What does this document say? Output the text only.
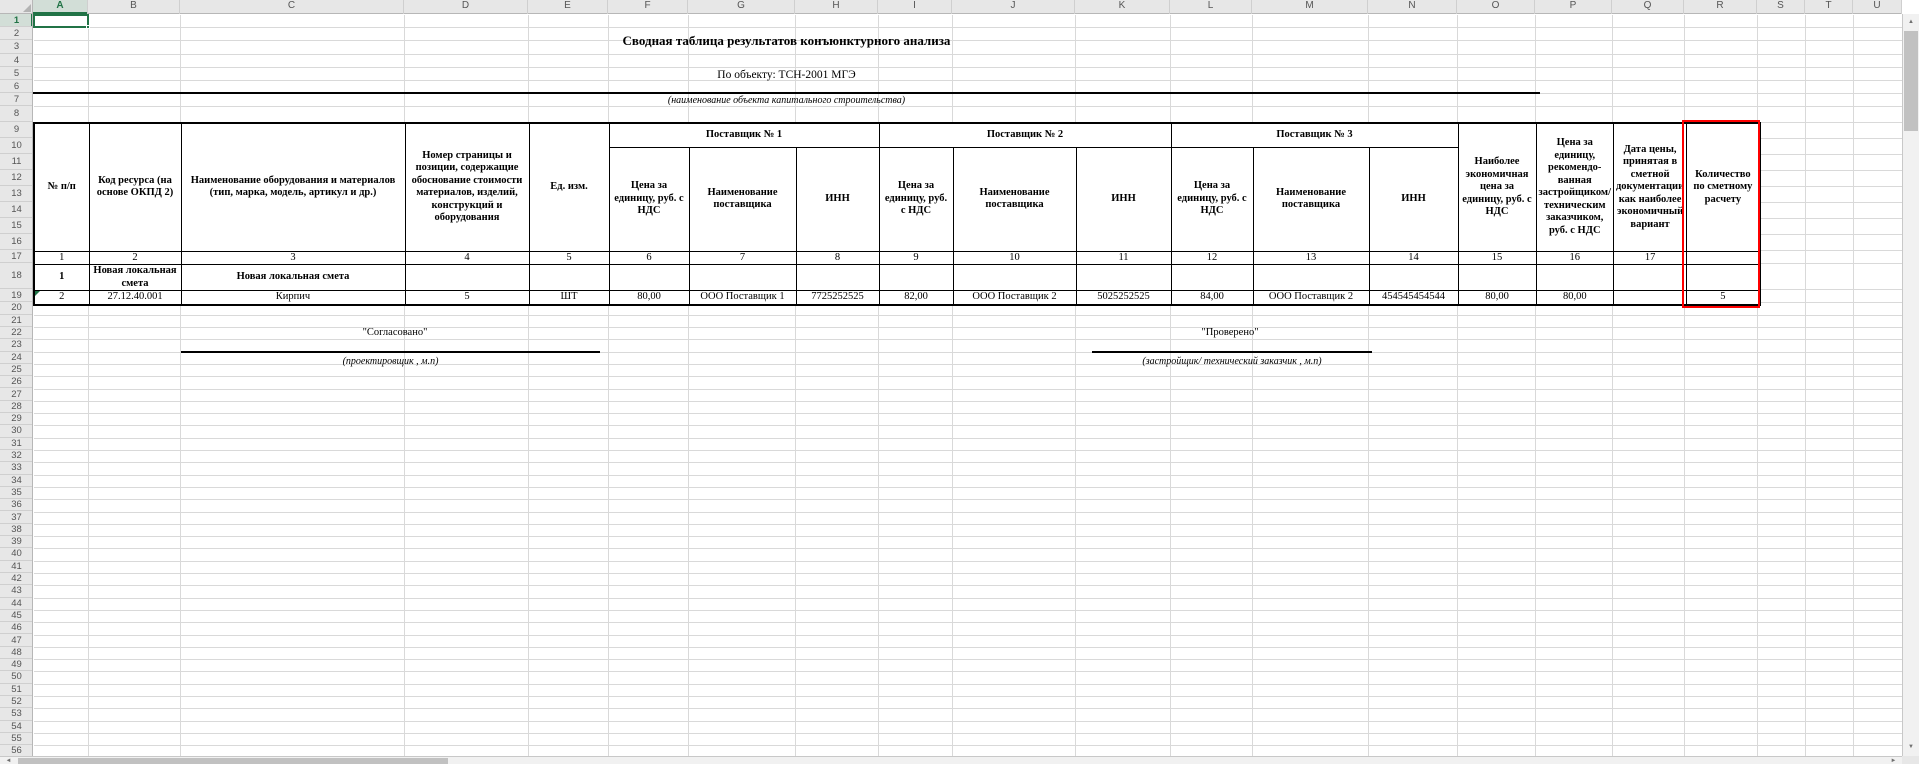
A	B	C	D	E	F	G	H	I	J	K	L	M	N	O	P	Q	R	S	T	U
1
2
3
4
5
6
7
8
9
10
11
12
13
14
15
16
17
18
19
20
21
22
23
24
25
26
27
28
29
30
31
32
33
34
35
36
37
38
39
40
41
42
43
44
45
46
47
48
49
50
51
52
53
54
55
56
Сводная таблица результатов конъюнктурного анализа
По объекту: ТСН-2001 МГЭ
(наименование объекта капитального строительства)
№ п/п	Код ресурса (на основе ОКПД 2)	Наименование оборудования и материалов (тип, марка, модель, артикул и др.)	Номер страницы и позиции, содержащие обоснование стоимости материалов, изделий, конструкций и оборудования	Ед. изм.	Поставщик № 1			Поставщик № 2			Поставщик № 3			Наиболее экономичная цена за единицу, руб. с НДС	Цена за единицу, рекомендо-ванная застройщиком/ техническим заказчиком, руб. с НДС	Дата цены, принятая в сметной документации как наиболее экономичный вариант	Количество по сметному расчету
					Цена за единицу, руб. с НДС	Наименование поставщика	ИНН	Цена за единицу, руб. с НДС	Наименование поставщика	ИНН	Цена за единицу, руб. с НДС	Наименование поставщика	ИНН				
1	2	3	4	5	6	7	8	9	10	11	12	13	14	15	16	17	
1	Новая локальная смета	Новая локальная смета															
2	27.12.40.001	Кирпич	5	ШТ	80,00	ООО Поставщик 1	7725252525	82,00	ООО Поставщик 2	5025252525	84,00	ООО Поставщик 2	454545454544	80,00	80,00		5
"Согласовано"	"Проверено"
(проектировщик , м.п)	(застройщик/ технический заказчик , м.п)
▲
▼
◄	►
